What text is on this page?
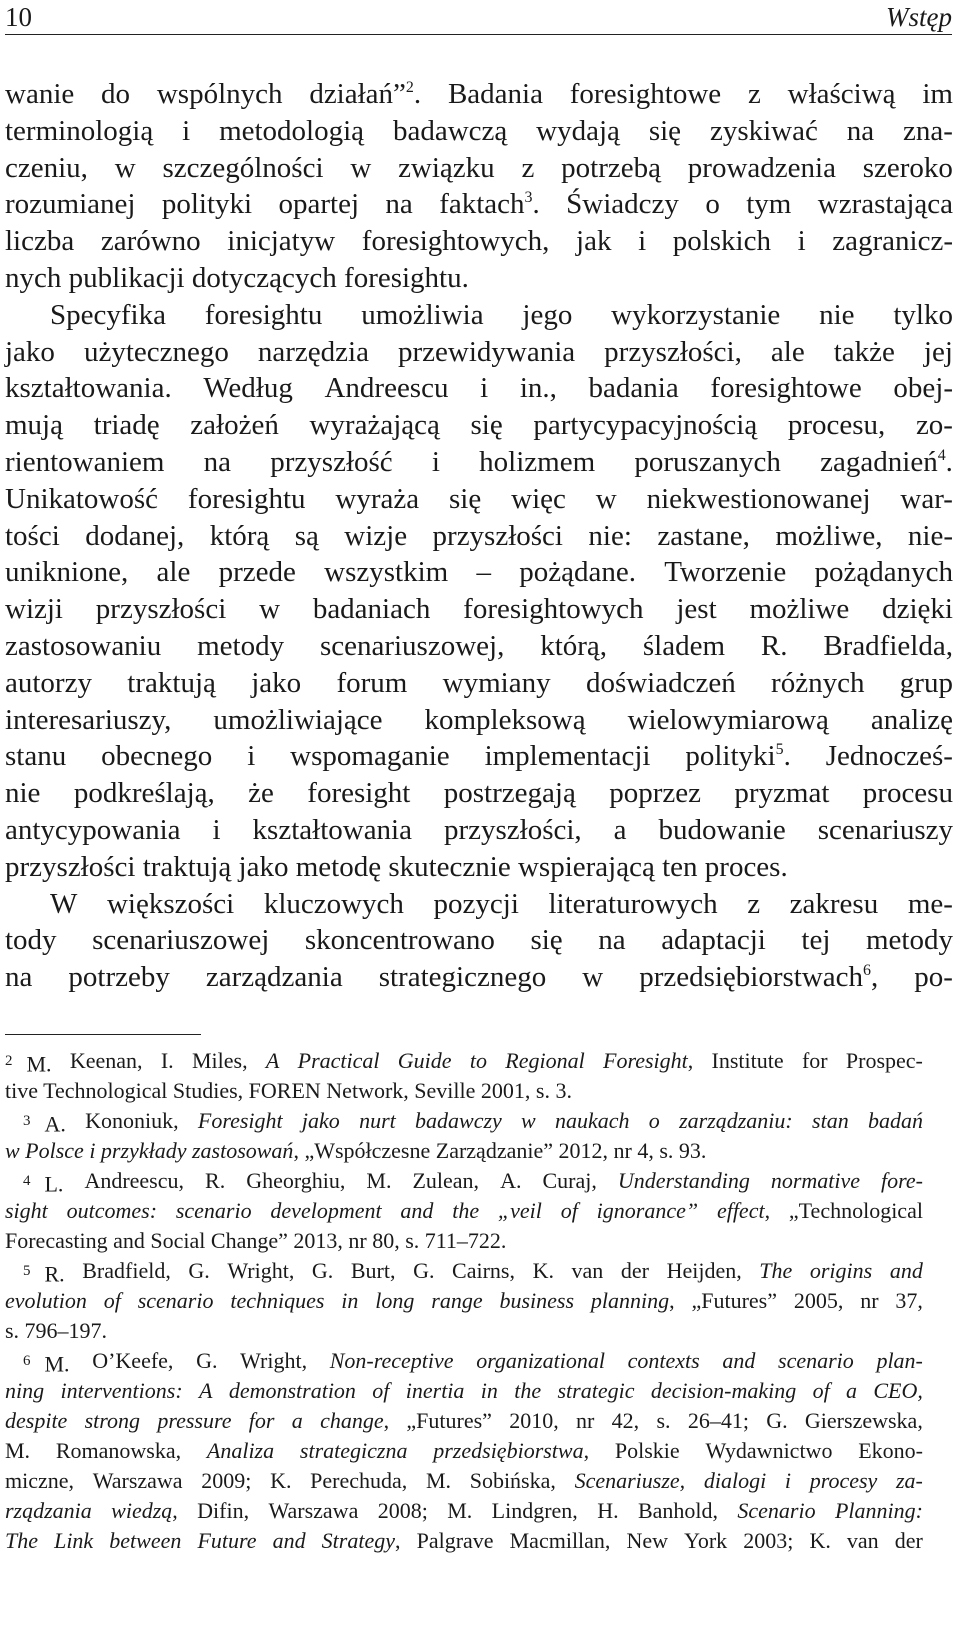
10	Wstęp
wanie do wspólnych działań”$^2$. Badania foresightowe z właściwą im
terminologią i metodologią badawczą wydają się zyskiwać na zna-
czeniu, w szczególności w związku z potrzebą prowadzenia szeroko
rozumianej polityki opartej na faktach$^3$. Świadczy o tym wzrastająca
liczba zarówno inicjatyw foresightowych, jak i polskich i zagranicz-
nych publikacji dotyczących foresightu.
Specyfika foresightu umożliwia jego wykorzystanie nie tylko
jako użytecznego narzędzia przewidywania przyszłości, ale także jej
kształtowania. Według Andreescu i in., badania foresightowe obej-
mują triadę założeń wyrażającą się partycypacyjnością procesu, zo-
rientowaniem na przyszłość i holizmem poruszanych zagadnień$^4$.
Unikatowość foresightu wyraża się więc w niekwestionowanej war-
tości dodanej, którą są wizje przyszłości nie: zastane, możliwe, nie-
uniknione, ale przede wszystkim – pożądane. Tworzenie pożądanych
wizji przyszłości w badaniach foresightowych jest możliwe dzięki
zastosowaniu metody scenariuszowej, którą, śladem R. Bradfielda,
autorzy traktują jako forum wymiany doświadczeń różnych grup
interesariuszy, umożliwiające kompleksową wielowymiarową analizę
stanu obecnego i wspomaganie implementacji polityki$^5$. Jednocześ-
nie podkreślają, że foresight postrzegają poprzez pryzmat procesu
antycypowania i kształtowania przyszłości, a budowanie scenariuszy
przyszłości traktują jako metodę skutecznie wspierającą ten proces.
W większości kluczowych pozycji literaturowych z zakresu me-
tody scenariuszowej skoncentrowano się na adaptacji tej metody
na potrzeby zarządzania strategicznego w przedsiębiorstwach$^6$, po-
$^2$ M. Keenan, I. Miles, A Practical Guide to Regional Foresight, Institute for Prospec-
tive Technological Studies, FOREN Network, Seville 2001, s. 3.
$^3$ A. Kononiuk, Foresight jako nurt badawczy w naukach o zarządzaniu: stan badań
w Polsce i przykłady zastosowań, „Współczesne Zarządzanie” 2012, nr 4, s. 93.
$^4$ L. Andreescu, R. Gheorghiu, M. Zulean, A. Curaj, Understanding normative fore-
sight outcomes: scenario development and the „veil of ignorance” effect, „Technological
Forecasting and Social Change” 2013, nr 80, s. 711–722.
$^5$ R. Bradfield, G. Wright, G. Burt, G. Cairns, K. van der Heijden, The origins and
evolution of scenario techniques in long range business planning, „Futures” 2005, nr 37,
s. 796–197.
$^6$ M. O’Keefe, G. Wright, Non-receptive organizational contexts and scenario plan-
ning interventions: A demonstration of inertia in the strategic decision-making of a CEO,
despite strong pressure for a change, „Futures” 2010, nr 42, s. 26–41; G. Gierszewska,
M. Romanowska, Analiza strategiczna przedsiębiorstwa, Polskie Wydawnictwo Ekono-
miczne, Warszawa 2009; K. Perechuda, M. Sobińska, Scenariusze, dialogi i procesy za-
rządzania wiedzą, Difin, Warszawa 2008; M. Lindgren, H. Banhold, Scenario Planning:
The Link between Future and Strategy, Palgrave Macmillan, New York 2003; K. van der
